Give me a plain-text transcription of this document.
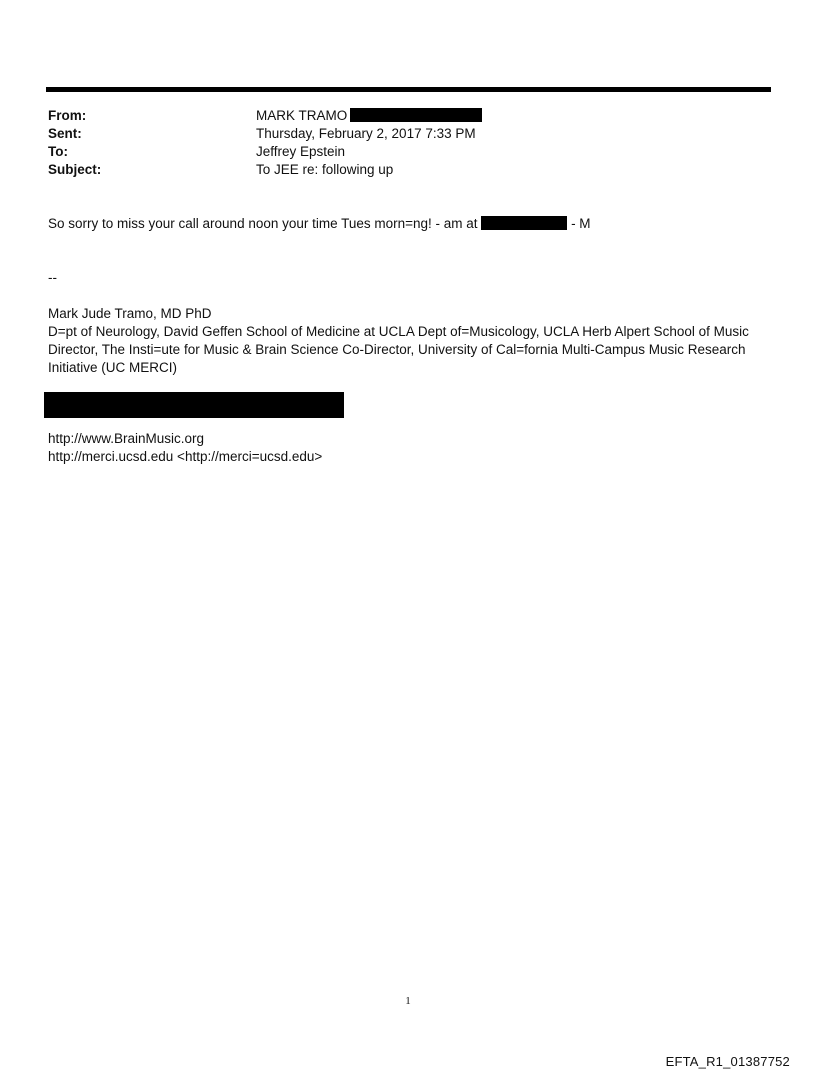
From:	MARK TRAMO
Sent:	Thursday, February 2, 2017 7:33 PM
To:	Jeffrey Epstein
Subject:	To JEE re: following up
So sorry to miss your call around noon your time Tues morn=ng! - am at	- M
--
Mark Jude Tramo, MD PhD
D=pt of Neurology, David Geffen School of Medicine at UCLA Dept of=Musicology, UCLA Herb Alpert School of Music
Director, The Insti=ute for Music & Brain Science Co-Director, University of Cal=fornia Multi-Campus Music Research
Initiative (UC MERCI)
http://www.BrainMusic.org
http://merci.ucsd.edu <http://merci=ucsd.edu>
1
EFTA_R1_01387752
